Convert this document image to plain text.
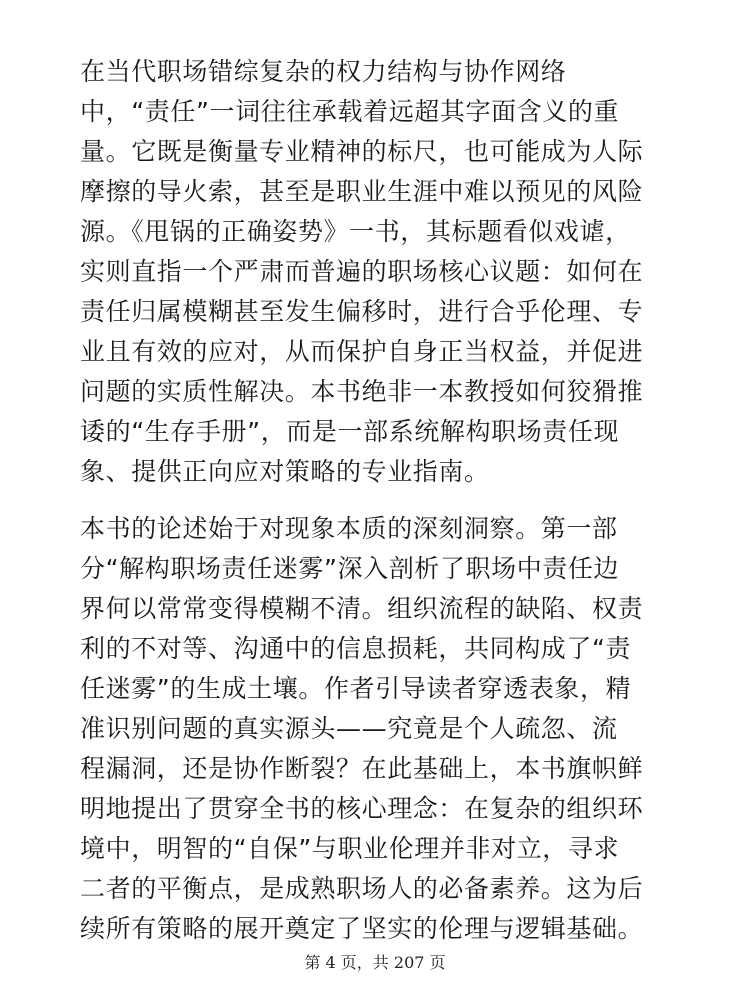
在当代职场错综复杂的权力结构与协作网络
中，“责任”一词往往承载着远超其字面含义的重
量。它既是衡量专业精神的标尺，也可能成为人际
摩擦的导火索，甚至是职业生涯中难以预见的风险
源。《甩锅的正确姿势》一书，其标题看似戏谑，
实则直指一个严肃而普遍的职场核心议题：如何在
责任归属模糊甚至发生偏移时，进行合乎伦理、专
业且有效的应对，从而保护自身正当权益，并促进
问题的实质性解决。本书绝非一本教授如何狡猾推
诿的“生存手册”，而是一部系统解构职场责任现
象、提供正向应对策略的专业指南。

本书的论述始于对现象本质的深刻洞察。第一部
分“解构职场责任迷雾”深入剖析了职场中责任边
界何以常常变得模糊不清。组织流程的缺陷、权责
利的不对等、沟通中的信息损耗，共同构成了“责
任迷雾”的生成土壤。作者引导读者穿透表象，精
准识别问题的真实源头——究竟是个人疏忽、流
程漏洞，还是协作断裂？在此基础上，本书旗帜鲜
明地提出了贯穿全书的核心理念：在复杂的组织环
境中，明智的“自保”与职业伦理并非对立，寻求
二者的平衡点，是成熟职场人的必备素养。这为后
续所有策略的展开奠定了坚实的伦理与逻辑基础。

第 4 页，共 207 页
